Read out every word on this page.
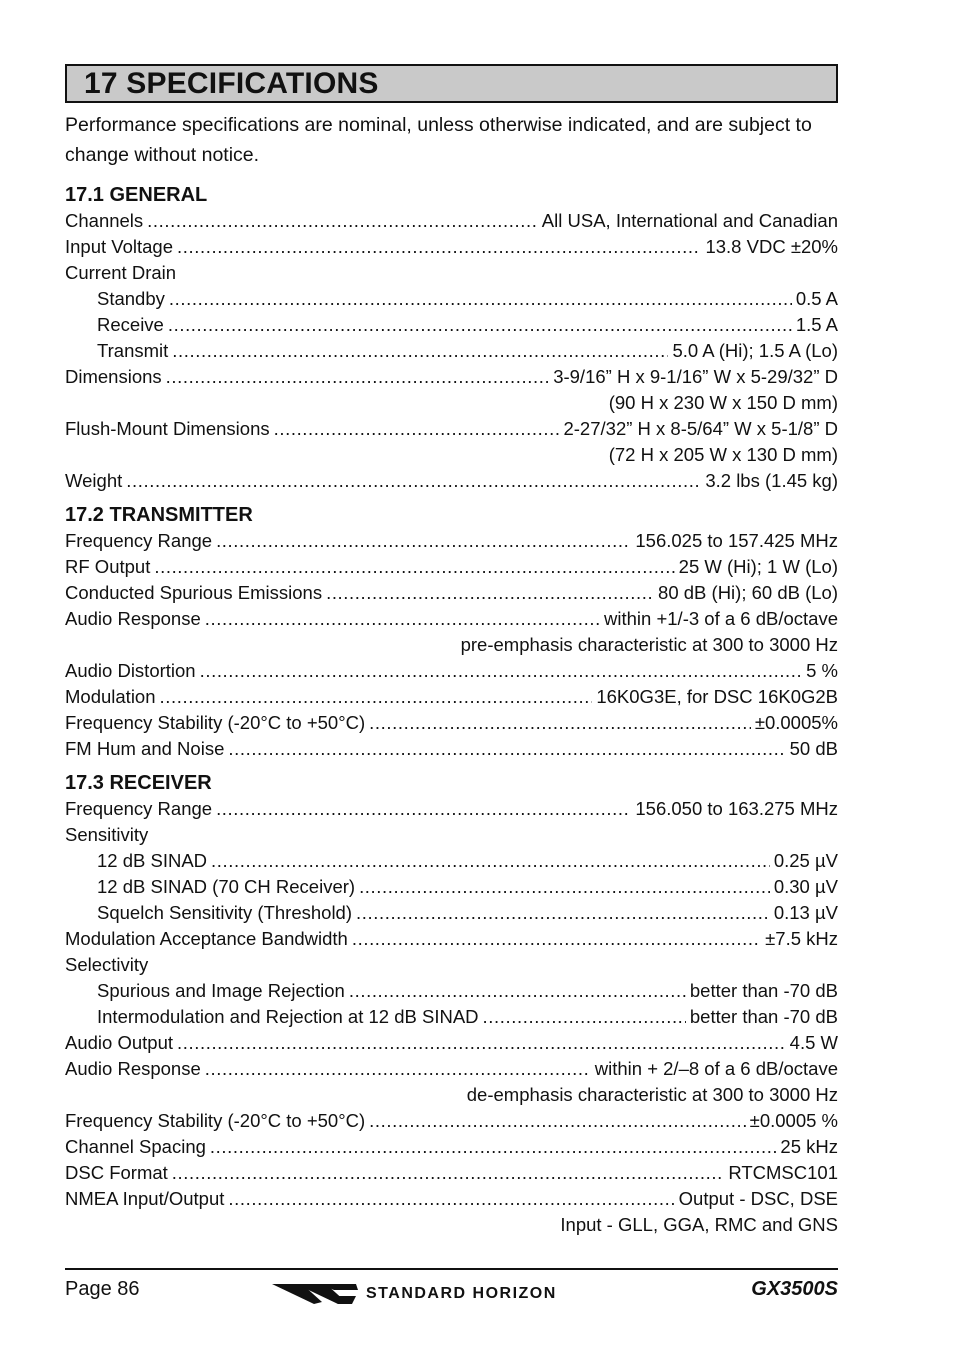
17 SPECIFICATIONS
Performance specifications are nominal, unless otherwise indicated, and are subject to change without notice.
17.1 GENERAL
Channels .....	All USA, International and Canadian
Input Voltage .....	13.8 VDC ±20%
Current Drain
Standby .....	0.5 A
Receive .....	1.5 A
Transmit .....	5.0 A (Hi); 1.5 A (Lo)
Dimensions .....	3-9/16” H x 9-1/16” W x 5-29/32” D
(90 H x 230 W x 150 D mm)
Flush-Mount Dimensions .....	2-27/32” H x 8-5/64” W x 5-1/8” D
(72 H x 205 W x 130 D mm)
Weight .....	3.2 lbs (1.45 kg)
17.2 TRANSMITTER
Frequency Range .....	156.025 to 157.425 MHz
RF Output .....	25 W (Hi); 1 W (Lo)
Conducted Spurious Emissions .....	80 dB (Hi); 60 dB (Lo)
Audio Response .....	within +1/-3 of a 6 dB/octave
pre-emphasis characteristic at 300 to 3000 Hz
Audio Distortion .....	5 %
Modulation .....	16K0G3E, for DSC 16K0G2B
Frequency Stability (-20°C to +50°C) .....	±0.0005%
FM Hum and Noise .....	50 dB
17.3 RECEIVER
Frequency Range .....	156.050 to 163.275 MHz
Sensitivity
12 dB SINAD .....	0.25 µV
12 dB SINAD (70 CH Receiver) .....	0.30 µV
Squelch Sensitivity (Threshold) .....	0.13 µV
Modulation Acceptance Bandwidth .....	±7.5 kHz
Selectivity
Spurious and Image Rejection .....	better than -70 dB
Intermodulation and Rejection at 12 dB SINAD .....	better than -70 dB
Audio Output .....	4.5 W
Audio Response .....	within + 2/–8 of a 6 dB/octave
de-emphasis characteristic at 300 to 3000 Hz
Frequency Stability (-20°C to +50°C) .....	±0.0005 %
Channel Spacing .....	25 kHz
DSC Format .....	RTCMSC101
NMEA Input/Output .....	Output - DSC, DSE
Input - GLL, GGA, RMC and GNS
Page 86	STANDARD HORIZON	GX3500S
